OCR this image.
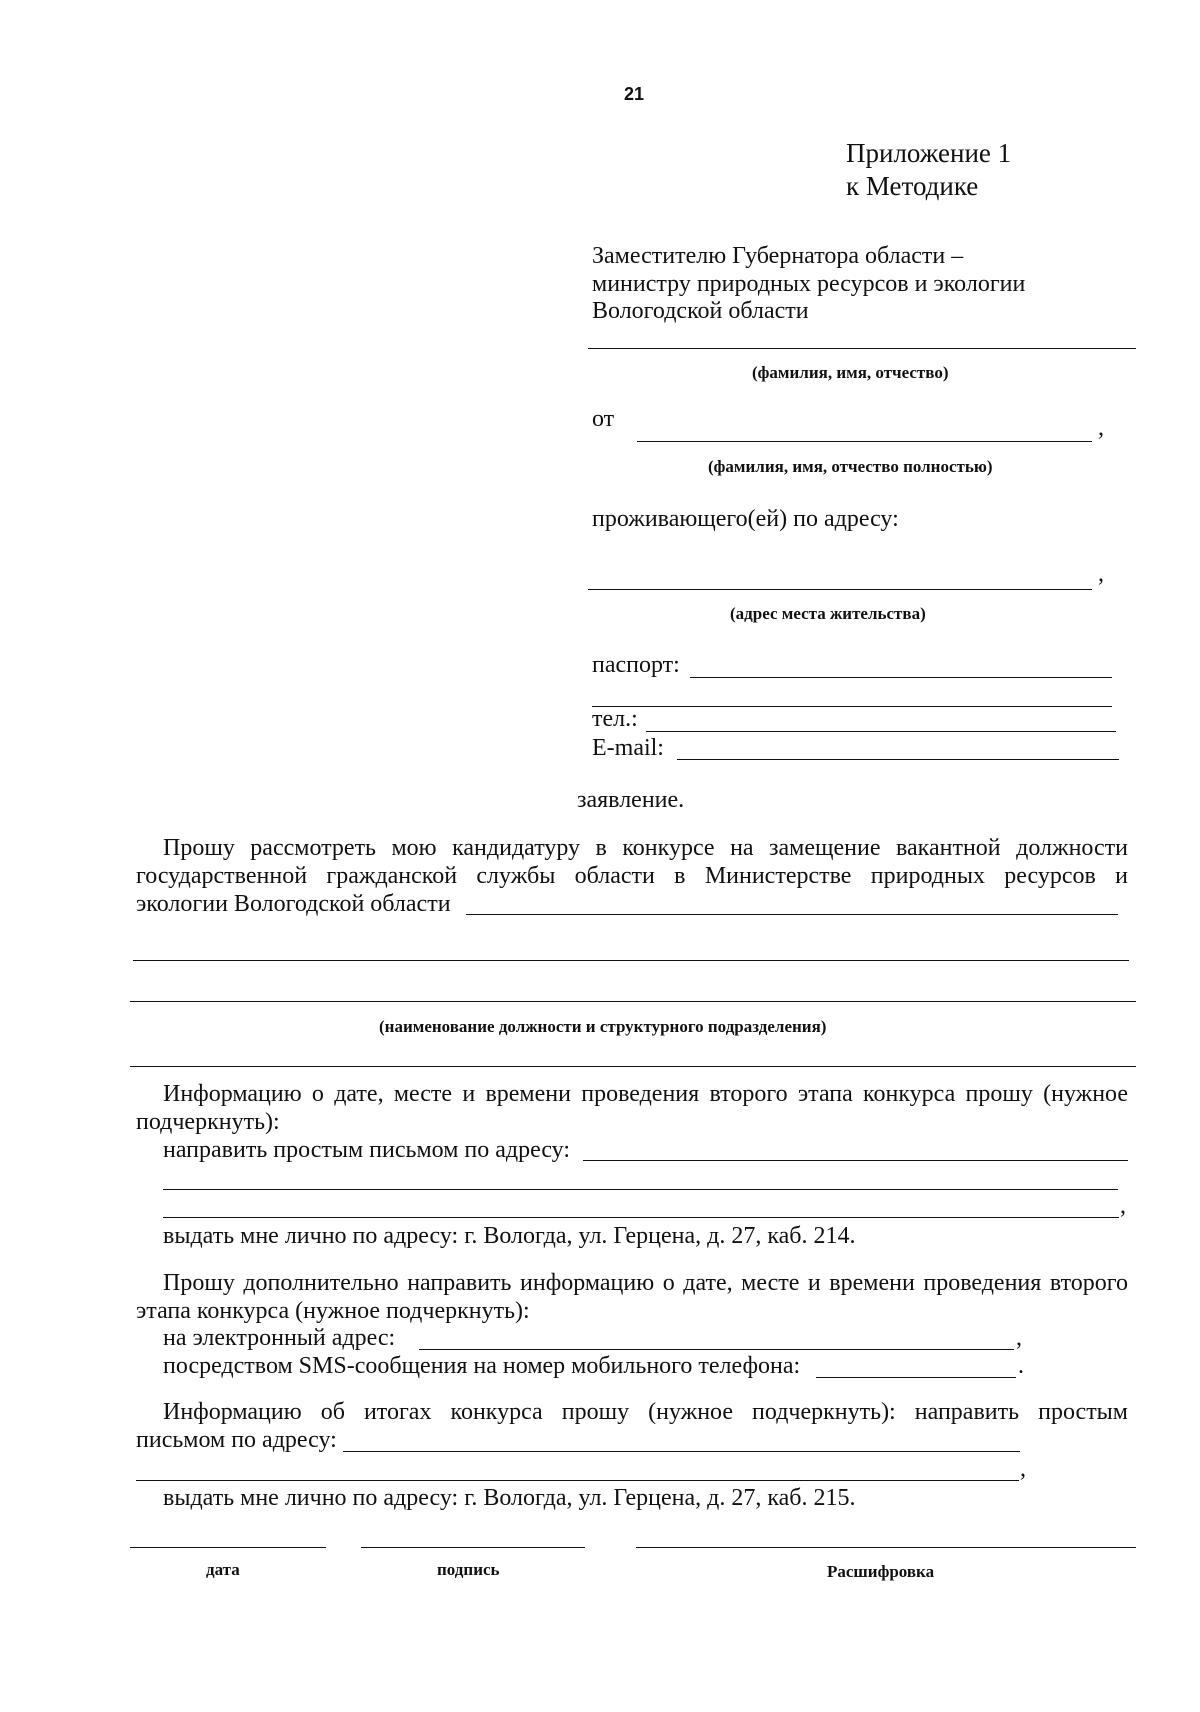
21
Приложение 1
к Методике
Заместителю Губернатора области –
министру природных ресурсов и экологии
Вологодской области
(фамилия, имя, отчество)
от	,
(фамилия, имя, отчество полностью)
проживающего(ей) по адресу:
,
(адрес места жительства)
паспорт:
тел.:
E-mail:
заявление.
Прошу рассмотреть мою кандидатуру в конкурсе на замещение вакантной должности
государственной гражданской службы области в Министерстве природных ресурсов и
экологии Вологодской области
(наименование должности и структурного подразделения)
Информацию о дате, месте и времени проведения второго этапа конкурса прошу (нужное
подчеркнуть):
направить простым письмом по адресу:
,
выдать мне лично по адресу: г. Вологда, ул. Герцена, д. 27, каб. 214.
Прошу дополнительно направить информацию о дате, месте и времени проведения второго
этапа конкурса (нужное подчеркнуть):
на электронный адрес:	,
посредством SMS-сообщения на номер мобильного телефона:	.
Информацию об итогах конкурса прошу (нужное подчеркнуть): направить простым
письмом по адресу:
,
выдать мне лично по адресу: г. Вологда, ул. Герцена, д. 27, каб. 215.
дата	подпись	Расшифровка
